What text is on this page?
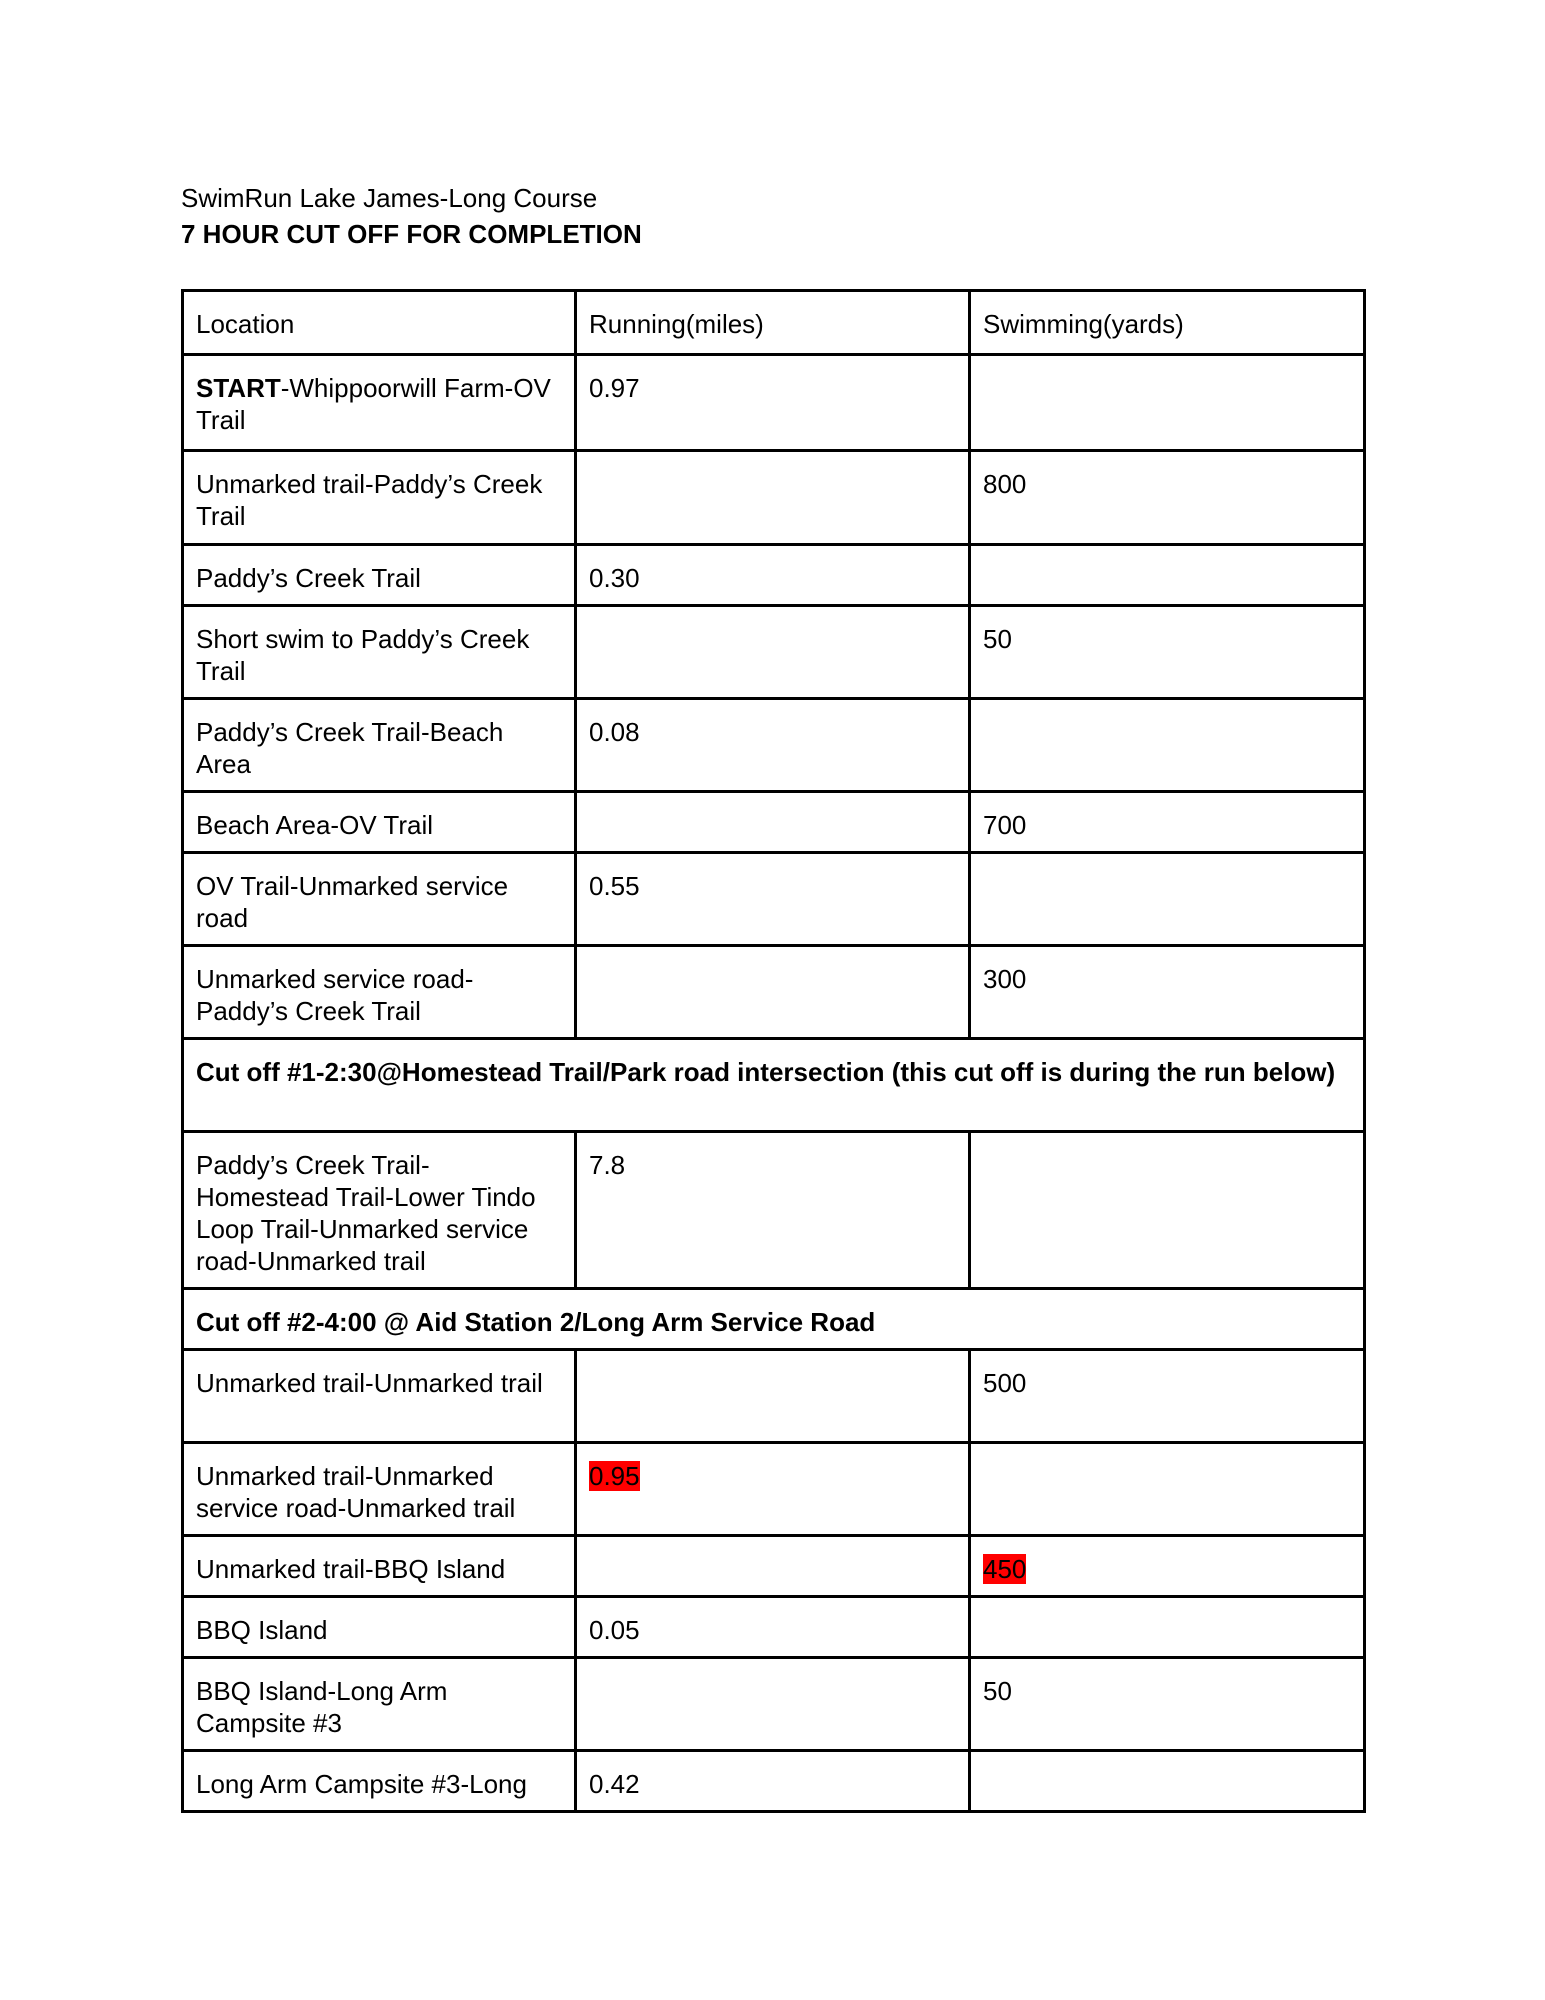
SwimRun Lake James-Long Course

7 HOUR CUT OFF FOR COMPLETION

Location	Running(miles)	Swimming(yards)
START-Whippoorwill Farm-OV Trail	0.97	
Unmarked trail-Paddy’s Creek Trail		800
Paddy’s Creek Trail	0.30	
Short swim to Paddy’s Creek Trail		50
Paddy’s Creek Trail-Beach Area	0.08	
Beach Area-OV Trail		700
OV Trail-Unmarked service road	0.55	
Unmarked service road-Paddy’s Creek Trail		300
Cut off #1-2:30@Homestead Trail/Park road intersection (this cut off is during the run below)		
Paddy’s Creek Trail-Homestead Trail-Lower Tindo Loop Trail-Unmarked service road-Unmarked trail	7.8	
Cut off #2-4:00 @ Aid Station 2/Long Arm Service Road		
Unmarked trail-Unmarked trail		500
Unmarked trail-Unmarked service road-Unmarked trail	0.95	
Unmarked trail-BBQ Island		450
BBQ Island	0.05	
BBQ Island-Long Arm Campsite #3		50
Long Arm Campsite #3-Long	0.42	
